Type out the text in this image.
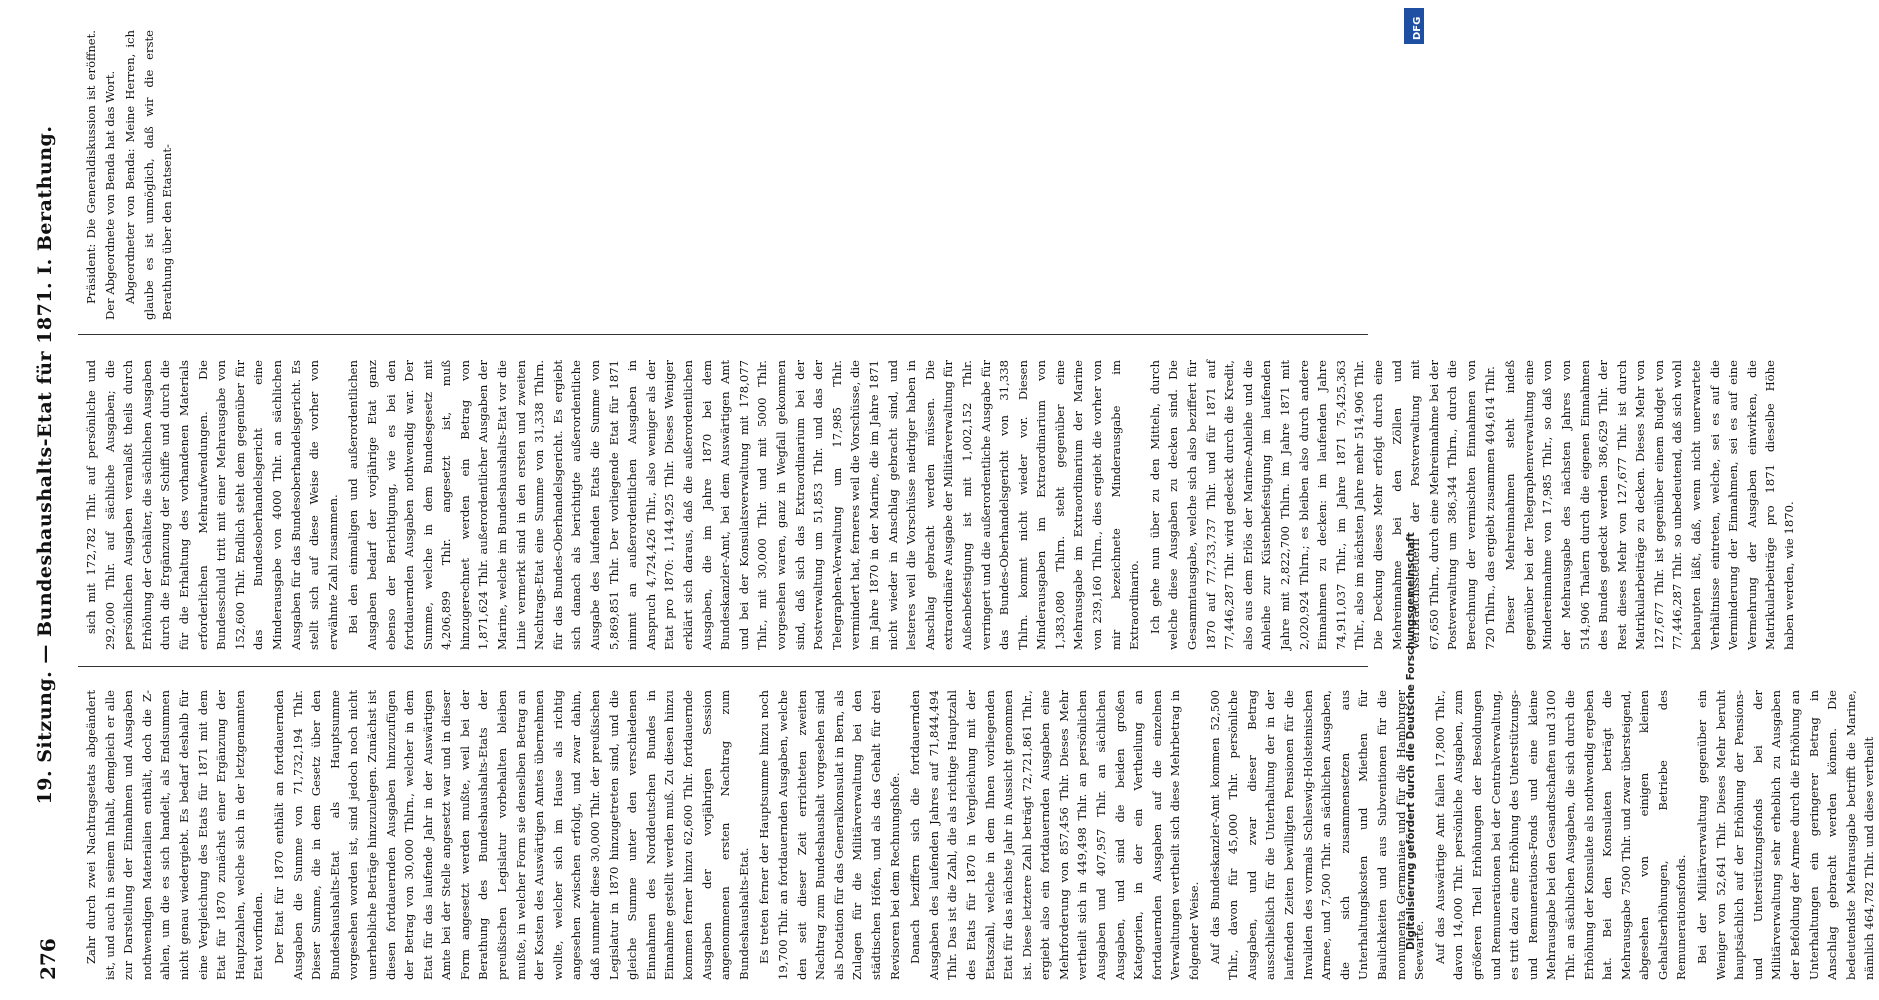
276
19. Sitzung. — Bundeshaushalts-Etat für 1871. I. Berathung.

Zahr durch zwei Nachtragsetats abgeändert ist, und auch in seinem Inhalt, demgleich er alle zur Darstellung der Einnahmen und Ausgaben nothwendigen Materialien enthält, doch die Z-ahlen, um die es sich handelt, als Endsummen nicht genau wiedergiebt. Es bedarf deshalb für eine Vergleichung des Etats für 1871 mit dem Etat für 1870 zunächst einer Ergänzung der Hauptzahlen, welche sich in der letztgenannten Etat vorfinden. Der Etat für 1870 enthält an fortdauernden Ausgaben die Summe von 71,732,194 Thlr. Dieser Summe, die in dem Gesetz über den Bundeshaushalts-Etat als Hauptsumme vorgesehen worden ist, sind jedoch noch nicht unerhebliche Beträge hinzuzulegen. Zunächst ist diesen fortdauernden Ausgaben hinzuzufügen der Betrag von 30,000 Thlrn., welcher in dem Etat für das laufende Jahr in der Auswärtigen Amte bei der Stelle angesetzt war und in dieser Form angesetzt werden mußte, weil bei der Berathung des Bundeshaushalts-Etats der preußischen Legislatur vorbehalten bleiben mußte, in welcher Form sie denselben Betrag an der Kosten des Auswärtigen Amtes übernehmen wollte, welcher sich im Hause als richtig angesehen zwischen erfolgt, und zwar dahin, daß nunmehr diese 30,000 Thlr. der preußischen Legislatur in 1870 hinzugetreten sind, und die gleiche Summe unter den verschiedenen Einnahmen des Norddeutschen Bundes in Einnahme gestellt werden muß. Zu diesen hinzu kommen ferner hinzu 62,600 Thlr. fortdauernde Ausgaben der vorjährigen Session angenommenen ersten Nachtrag zum Bundeshaushalts-Etat. Es treten ferner der Hauptsumme hinzu noch 19,700 Thlr. an fortdauernden Ausgaben, welche den seit dieser Zeit errichteten zweiten Nachtrag zum Bundeshaushalt vorgesehen sind als Dotation für das Generalkonsulat in Bern, als Zulagen für die Militärverwaltung bei den städtischen Höfen, und als das Gehalt für drei Revisoren bei dem Rechnungshofe. Danach beziffern sich die fortdauernden Ausgaben des laufenden Jahres auf 71,844,494 Thlr. Das ist die Zahl, die als richtige Hauptzahl des Etats für 1870 in Vergleichung mit der Etatszahl, welche in dem Ihnen vorliegenden Etat für das nächste Jahr in Aussicht genommen ist. Diese letztere Zahl beträgt 72,721,861 Thlr., ergiebt also ein fortdauernden Ausgaben eine Mehrforderung von 857,456 Thlr. Dieses Mehr vertheilt sich in 449,498 Thlr. an persönlichen Ausgaben und 407,957 Thlr. an sächlichen Ausgaben, und sind die beiden großen Kategorien, in der ein Vertheilung an fortdauernden Ausgaben auf die einzelnen Verwaltungen vertheilt sich diese Mehrbetrag in folgender Weise. Auf das Bundeskanzler-Amt kommen 52,500 Thlr., davon für 45,000 Thlr. persönliche Ausgaben, und zwar dieser Betrag ausschließlich für die Unterhaltung der in der laufenden Zeiten bewilligten Pensionen für die Invaliden des vormals Schleswig-Holsteinischen Armee, und 7,500 Thlr. an sächlichen Ausgaben, die sich zusammensetzen aus Unterhaltungskosten und Miethen für Baulichkeiten und aus Subventionen für die monumenta Germaniae und für die Hamburger Seewarte. Auf das Auswärtige Amt fallen 17,800 Thlr., davon 14,000 Thlr. persönliche Ausgaben, zum größeren Theil Erhöhungen der Besoldungen und Remunerationen bei der Centralverwaltung, es tritt dazu eine Erhöhung des Unterstützungs- und Remunerations-Fonds und eine kleine Mehrausgabe bei den Gesandtschaften und 3100 Thlr. an sächlichen Ausgaben, die sich durch die Erhöhung der Konsulate als nothwendig ergeben hat. Bei den Konsulaten beträgt die Mehrausgabe 7500 Thlr. und zwar übersteigend, abgesehen von einigen kleinen Gehaltserhöhungen, Betriebe des Remunerationsfonds. Bei der Militärverwaltung gegenüber ein Weniger von 52,641 Thlr. Dieses Mehr beruht hauptsächlich auf der Erhöhung der Pensions- und Unterstützungsfonds bei der Militärverwaltung sehr erheblich zu Ausgaben der Befoldung der Armee durch die Erhöhung an Unterhaltungen ein geringerer Betrag in Anschlag gebracht werden können. Die bedeutendste Mehrausgabe betrifft die Marine, nämlich 464,782 Thlr. und diese vertheilt

sich mit 172,782 Thlr. auf persönliche und 292,000 Thlr. auf sächliche Ausgaben; die persönlichen Ausgaben veranlaßt theils durch Erhöhung der Gehälter, die sächlichen Ausgaben durch die Ergänzung der Schiffe und durch die für die Erhaltung des vorhandenen Materials erforderlichen Mehraufwendungen. Die Bundesschuld tritt mit einer Mehrausgabe von 152,600 Thlr. Endlich steht dem gegenüber für das Bundesoberhandelsgericht eine Minderausgabe von 4000 Thlr. an sächlichen Ausgaben für das Bundesoberhandelsgericht. Es stellt sich auf diese Weise die vorher von erwähnte Zahl zusammen. Bei den einmaligen und außerordentlichen Ausgaben bedarf der vorjährige Etat ganz ebenso der Berichtigung, wie es bei den fortdauernden Ausgaben nothwendig war. Der Summe, welche in dem Bundesgesetz mit 4,206,899 Thlr. angesetzt ist, muß hinzugerechnet werden ein Betrag von 1,871,624 Thlr. außerordentlicher Ausgaben der Marine, welche im Bundeshaushalts-Etat vor die Linie vermerkt sind in den ersten und zweiten Nachtrags-Etat eine Summe von 31,338 Thlrn. für das Bundes-Oberhandelsgericht. Es ergiebt sich danach als berichtigte außerordentliche Ausgabe des laufenden Etats die Summe von 5,869,851 Thlr. Der vorliegende Etat für 1871 nimmt an außerordentlichen Ausgaben in Anspruch 4,724,426 Thlr., also weniger als der Etat pro 1870: 1,144,925 Thlr. Dieses Weniger erklärt sich daraus, daß die außerordentlichen Ausgaben, die im Jahre 1870 bei dem Bundeskanzler-Amt, bei dem Auswärtigen Amt und bei der Konsulatsverwaltung mit 178,077 Thlr., mit 30,000 Thlr. und mit 5000 Thlr. vorgesehen waren, ganz in Wegfall gekommen sind, daß sich das Extraordinarium bei der Postverwaltung um 51,853 Thlr. und das der Telegraphen-Verwaltung um 17,985 Thlr. vermindert hat, ferneres weil die Vorschüsse, die im Jahre 1870 in der Marine, die im Jahre 1871 nicht wieder in Anschlag gebracht sind, und lesteres weil die Vorschüsse niedriger haben in Anschlag gebracht werden müssen. Die extraordinäre Ausgabe der Militärverwaltung für Außenbefestigung ist mit 1,002,152 Thlr. verringert und die außerordentliche Ausgabe für das Bundes-Oberhandelsgericht von 31,338 Thlrn. kommt nicht wieder vor. Diesen Minderausgaben im Extraordinarium von 1,383,080 Thlrn. steht gegenüber eine Mehrausgabe im Extraordinarium der Marine von 239,160 Thlrn., dies ergiebt die vorher von mir bezeichnete Minderausgabe im Extraordinario. Ich gehe nun über zu den Mitteln, durch welche diese Ausgaben zu decken sind. Die Gesammtausgabe, welche sich also beziffert für 1870 auf 77,733,737 Thlr. und für 1871 auf 77,446,287 Thlr. wird gedeckt durch die Kredit, also aus dem Erlös der Marine-Anleihe und die Anleihe zur Küstenbefestigung im laufenden Jahre mit 2,822,700 Thlrn. im Jahre 1871 mit 2,020,924 Thlrn.; es bleiben also durch andere Einnahmen zu decken: im laufenden Jahre 74,911,037 Thlr., im Jahre 1871 75,425,363 Thlr., also im nächsten Jahre mehr 514,906 Thlr. Die Deckung dieses Mehr erfolgt durch eine Mehreinnahme bei den Zöllen und Verbrauchssteuern der Postverwaltung mit 67,650 Thlrn., durch eine Mehreinnahme bei der Postverwaltung um 386,344 Thlrn., durch die Berechnung der vermischten Einnahmen von 720 Thlrn., das ergiebt zusammen 404,614 Thlr. Dieser Mehreinnahmen steht indeß gegenüber bei der Telegraphenverwaltung eine Mindereinnahme von 17,985 Thlr., so daß von der Mehrausgabe des nächsten Jahres von 514,906 Thalern durch die eigenen Einnahmen des Bundes gedeckt werden 386,629 Thlr. der Rest dieses Mehr von 127,677 Thlr. ist durch Matrikularbeiträge zu decken. Dieses Mehr von 127,677 Thlr. ist gegenüber einem Budget von 77,446,287 Thlr. so unbedeutend, daß sich wohl behaupten läßt, daß, wenn nicht unerwartete Verhältnisse eintreten, welche, sei es auf die Verminderung der Einnahmen, sei es auf eine Vermehrung der Ausgaben einwirken, die Matrikularbeiträge pro 1871 dieselbe Höhe haben werden, wie 1870.

Präsident: Die Generaldiskussion ist eröffnet. Der Abgeordnete von Benda hat das Wort. Abgeordneter von Benda: Meine Herren, ich glaube es ist unmöglich, daß wir die erste Berathung über den Etatsent-

DFG
Digitalisierung gefördert durch die Deutsche Forschungsgemeinschaft
